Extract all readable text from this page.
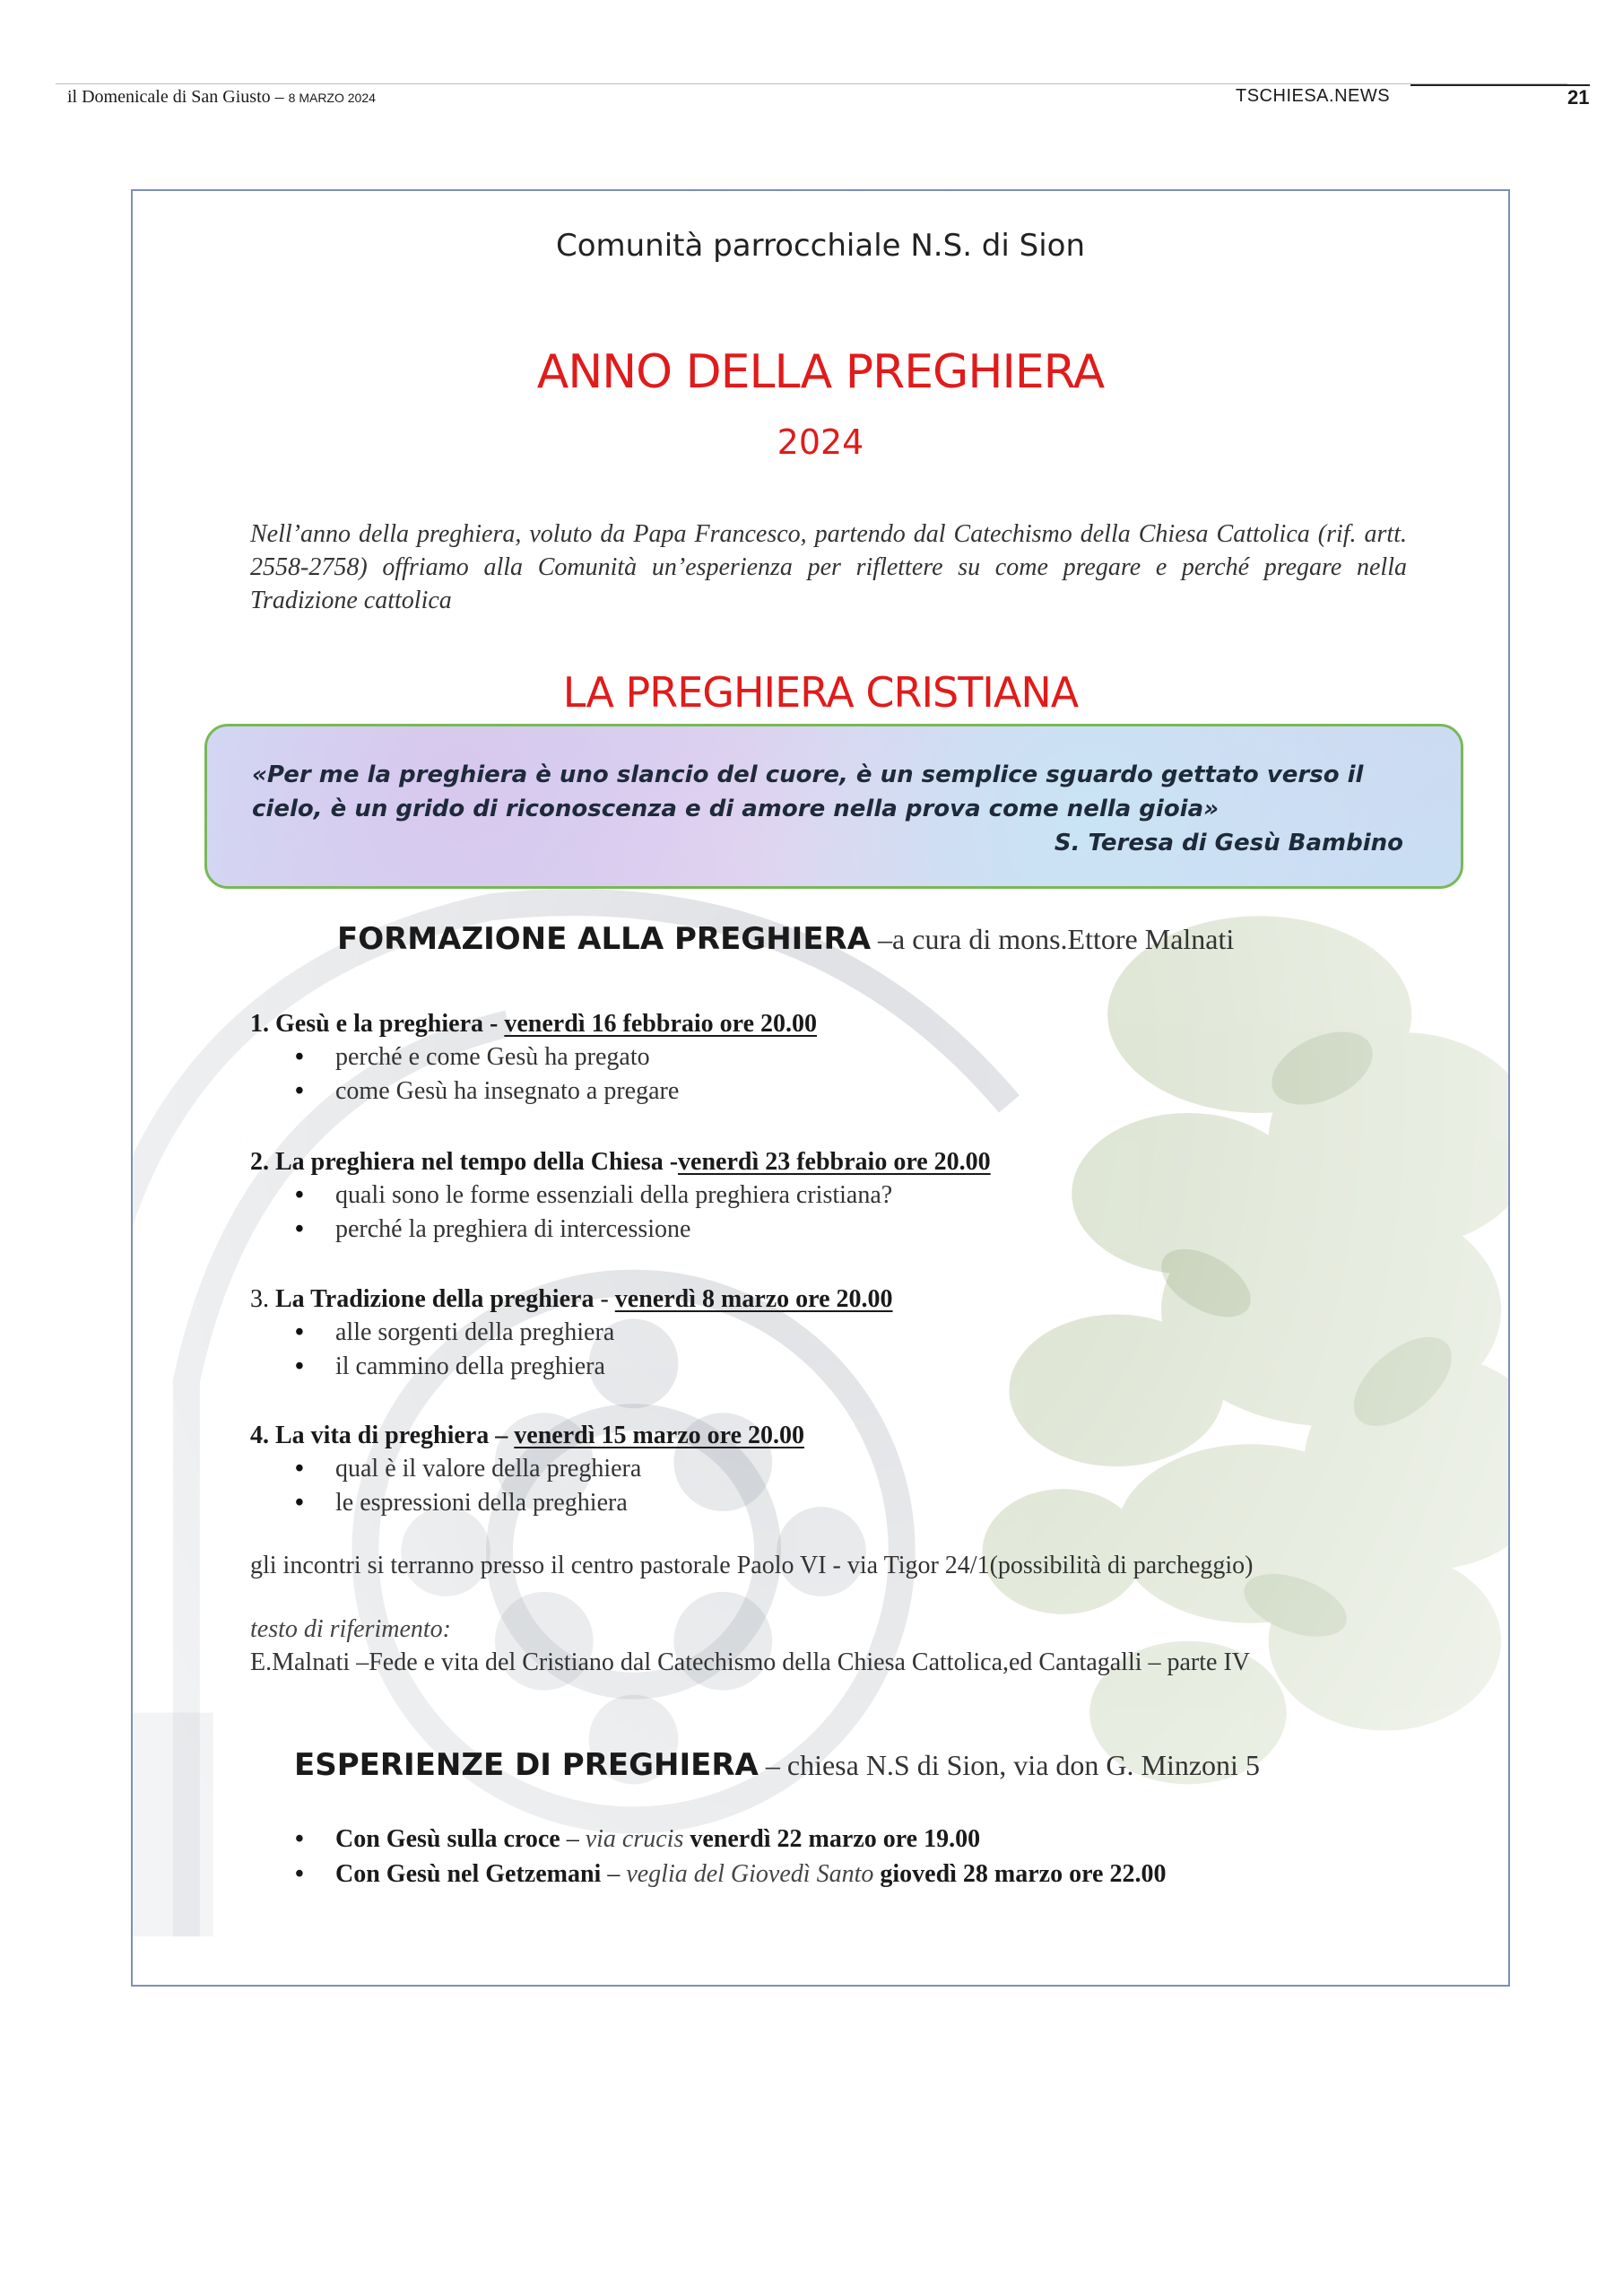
il Domenicale di San Giusto – 8 MARZO 2024	TSCHIESA.NEWS	21
Comunità parrocchiale N.S. di Sion
ANNO DELLA PREGHIERA
2024
Nell’anno della preghiera, voluto da Papa Francesco, partendo dal Catechismo della Chiesa Cattolica (rif. artt. 2558-2758) offriamo alla Comunità un’esperienza per riflettere su come pregare e perché pregare nella Tradizione cattolica
LA PREGHIERA CRISTIANA
«Per me la preghiera è uno slancio del cuore, è un semplice sguardo gettato verso il cielo, è un grido di riconoscenza e di amore nella prova come nella gioia»
S. Teresa di Gesù Bambino
FORMAZIONE ALLA PREGHIERA –a cura di mons.Ettore Malnati
1. Gesù e la preghiera - venerdì 16 febbraio ore 20.00
• perché e come Gesù ha pregato
• come Gesù ha insegnato a pregare
2. La preghiera nel tempo della Chiesa -venerdì 23 febbraio ore 20.00
• quali sono le forme essenziali della preghiera cristiana?
• perché la preghiera di intercessione
3. La Tradizione della preghiera - venerdì 8 marzo ore 20.00
• alle sorgenti della preghiera
• il cammino della preghiera
4. La vita di preghiera – venerdì 15 marzo ore 20.00
• qual è il valore della preghiera
• le espressioni della preghiera
gli incontri si terranno presso il centro pastorale Paolo VI - via Tigor 24/1(possibilità di parcheggio)
testo di riferimento:
E.Malnati –Fede e vita del Cristiano dal Catechismo della Chiesa Cattolica,ed Cantagalli – parte IV
ESPERIENZE DI PREGHIERA – chiesa N.S di Sion, via don G. Minzoni 5
• Con Gesù sulla croce – via crucis venerdì 22 marzo ore 19.00
• Con Gesù nel Getzemani – veglia del Giovedì Santo giovedì 28 marzo ore 22.00
